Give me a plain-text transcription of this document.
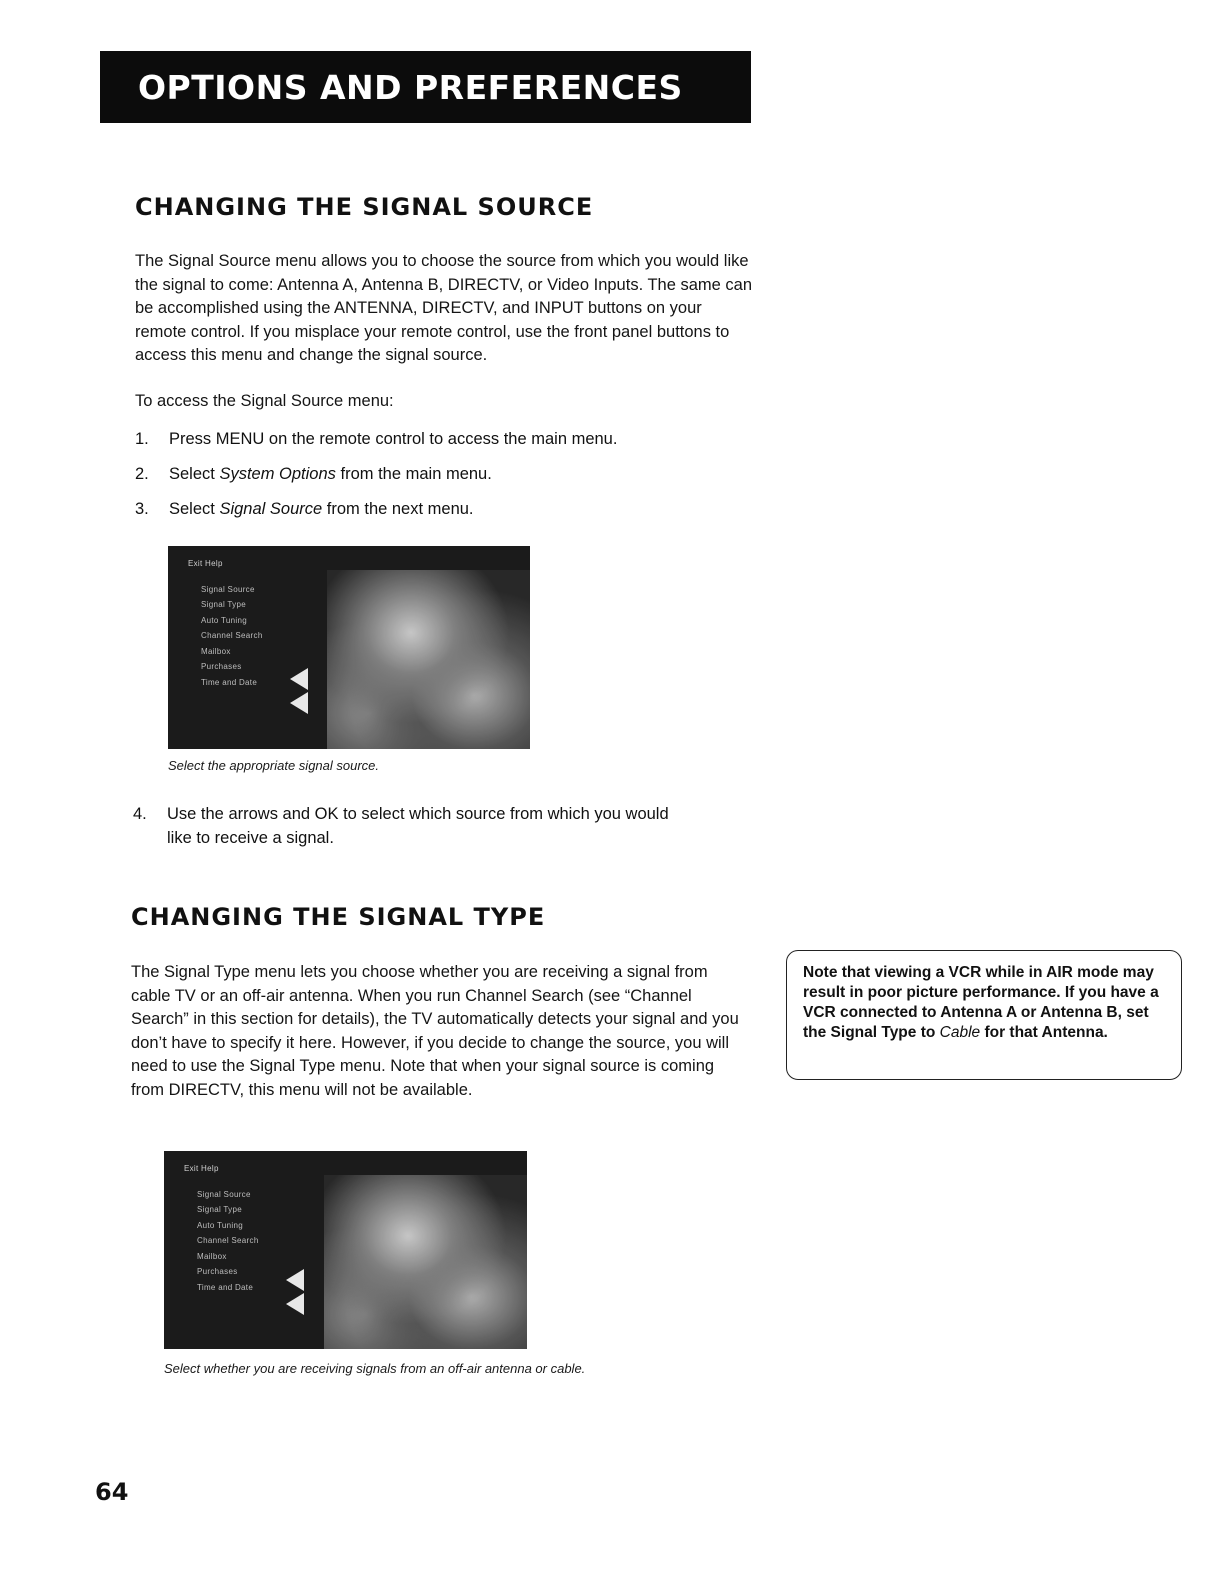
OPTIONS AND PREFERENCES
CHANGING THE SIGNAL SOURCE

The Signal Source menu allows you to choose the source from which you would like the signal to come: Antenna A, Antenna B, DIRECTV, or Video Inputs. The same can be accomplished using the ANTENNA, DIRECTV, and INPUT buttons on your remote control. If you misplace your remote control, use the front panel buttons to access this menu and change the signal source.

To access the Signal Source menu:

1. Press MENU on the remote control to access the main menu.

2. Select System Options from the main menu.

3. Select Signal Source from the next menu.

Exit Help
Signal Source
Signal Type
Auto Tuning
Channel Search
Mailbox
Purchases
Time and Date

Select the appropriate signal source.

4.	Use the arrows and OK to select which source from which you would like to receive a signal.

CHANGING THE SIGNAL TYPE

The Signal Type menu lets you choose whether you are receiving a signal from cable TV or an off-air antenna. When you run Channel Search (see “Channel Search” in this section for details), the TV automatically detects your signal and you don’t have to specify it here. However, if you decide to change the source, you will need to use the Signal Type menu. Note that when your signal source is coming from DIRECTV, this menu will not be available.

Note that viewing a VCR while in AIR mode may result in poor picture performance. If you have a VCR connected to Antenna A or Antenna B, set the Signal Type to Cable for that Antenna.
Exit Help
Signal Source
Signal Type
Auto Tuning
Channel Search
Mailbox
Purchases
Time and Date

Select whether you are receiving signals from an off-air antenna or cable.

64
